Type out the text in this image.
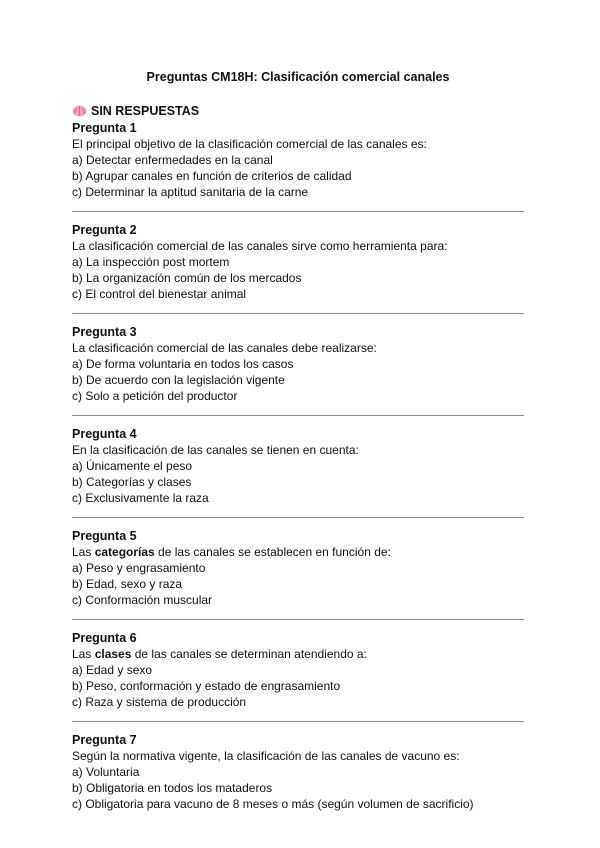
Preguntas CM18H: Clasificación comercial canales
SIN RESPUESTAS
Pregunta 1
El principal objetivo de la clasificación comercial de las canales es:
a) Detectar enfermedades en la canal
b) Agrupar canales en función de criterios de calidad
c) Determinar la aptitud sanitaria de la carne
Pregunta 2
La clasificación comercial de las canales sirve como herramienta para:
a) La inspección post mortem
b) La organización común de los mercados
c) El control del bienestar animal
Pregunta 3
La clasificación comercial de las canales debe realizarse:
a) De forma voluntaria en todos los casos
b) De acuerdo con la legislación vigente
c) Solo a petición del productor
Pregunta 4
En la clasificación de las canales se tienen en cuenta:
a) Únicamente el peso
b) Categorías y clases
c) Exclusivamente la raza
Pregunta 5
Las categorías de las canales se establecen en función de:
a) Peso y engrasamiento
b) Edad, sexo y raza
c) Conformación muscular
Pregunta 6
Las clases de las canales se determinan atendiendo a:
a) Edad y sexo
b) Peso, conformación y estado de engrasamiento
c) Raza y sistema de producción
Pregunta 7
Según la normativa vigente, la clasificación de las canales de vacuno es:
a) Voluntaria
b) Obligatoria en todos los mataderos
c) Obligatoria para vacuno de 8 meses o más (según volumen de sacrificio)
